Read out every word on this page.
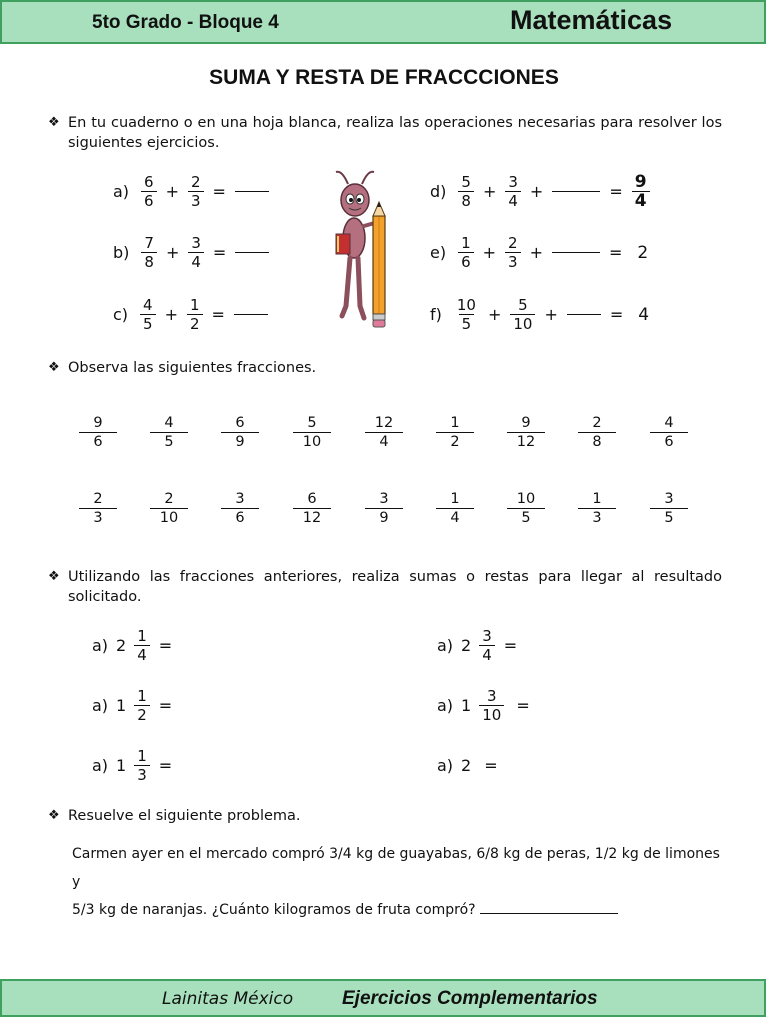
5to Grado - Bloque 4	Matemáticas
SUMA Y RESTA DE FRACCCIONES
❖ En tu cuaderno o en una hoja blanca, realiza las operaciones necesarias para resolver los siguientes ejercicios.
$a) \frac{6}{6} + \frac{2}{3}$ =
$b) \frac{7}{8} + \frac{3}{4}$ =
$c) \frac{4}{5} + \frac{1}{2}$ =
$d) \frac{5}{8} + \frac{3}{4}$ +	= $\frac{9}{4}$
$e) \frac{1}{6} + \frac{2}{3}$ +	= 2
$f) \frac{10}{5} + \frac{5}{10}$ +	= 4
❖ Observa las siguientes fracciones.
$\frac{9}{6} \frac{4}{5} \frac{6}{9} \frac{5}{10} \frac{12}{4} \frac{1}{2} \frac{9}{12} \frac{2}{8} \frac{4}{6}$
$\frac{2}{3} \frac{2}{10} \frac{3}{6} \frac{6}{12} \frac{3}{9} \frac{1}{4} \frac{10}{5} \frac{1}{3} \frac{3}{5}$
❖ Utilizando las fracciones anteriores, realiza sumas o restas para llegar al resultado solicitado.
a) $2 \frac{1}{4}$ =	a) $2 \frac{3}{4}$ =
a) $1 \frac{1}{2}$ =	a) $1 \frac{3}{10}$ =
a) $1 \frac{1}{3}$ =	a) 2 =
❖ Resuelve el siguiente problema.
Carmen ayer en el mercado compró 3/4 kg de guayabas, 6/8 kg de peras, 1/2 kg de limones y
5/3 kg de naranjas. ¿Cuánto kilogramos de fruta compró?
Lainitas México	Ejercicios Complementarios
